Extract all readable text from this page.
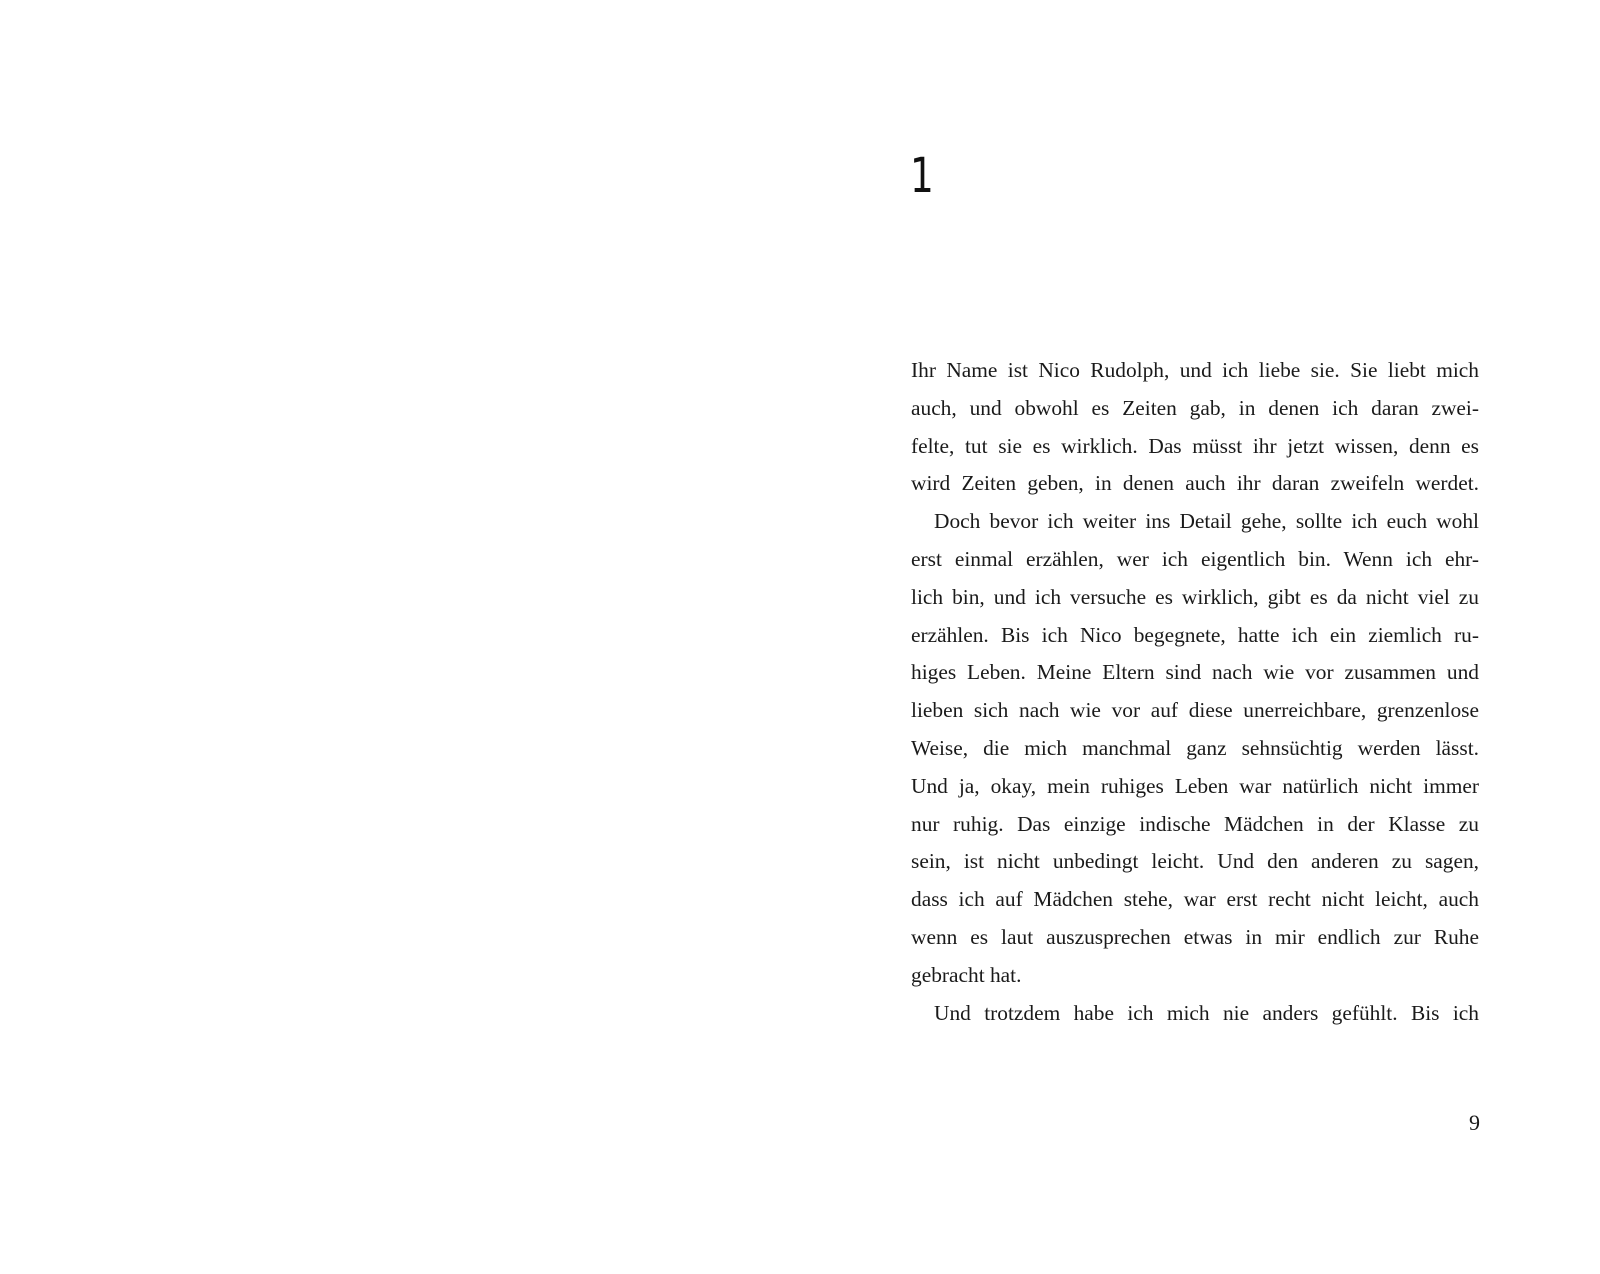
1
Ihr Name ist Nico Rudolph, und ich liebe sie. Sie liebt mich
auch, und obwohl es Zeiten gab, in denen ich daran zwei-
felte, tut sie es wirklich. Das müsst ihr jetzt wissen, denn es
wird Zeiten geben, in denen auch ihr daran zweifeln werdet.
Doch bevor ich weiter ins Detail gehe, sollte ich euch wohl
erst einmal erzählen, wer ich eigentlich bin. Wenn ich ehr-
lich bin, und ich versuche es wirklich, gibt es da nicht viel zu
erzählen. Bis ich Nico begegnete, hatte ich ein ziemlich ru-
higes Leben. Meine Eltern sind nach wie vor zusammen und
lieben sich nach wie vor auf diese unerreichbare, grenzenlose
Weise, die mich manchmal ganz sehnsüchtig werden lässt.
Und ja, okay, mein ruhiges Leben war natürlich nicht immer
nur ruhig. Das einzige indische Mädchen in der Klasse zu
sein, ist nicht unbedingt leicht. Und den anderen zu sagen,
dass ich auf Mädchen stehe, war erst recht nicht leicht, auch
wenn es laut auszusprechen etwas in mir endlich zur Ruhe
gebracht hat.
Und trotzdem habe ich mich nie anders gefühlt. Bis ich
9
